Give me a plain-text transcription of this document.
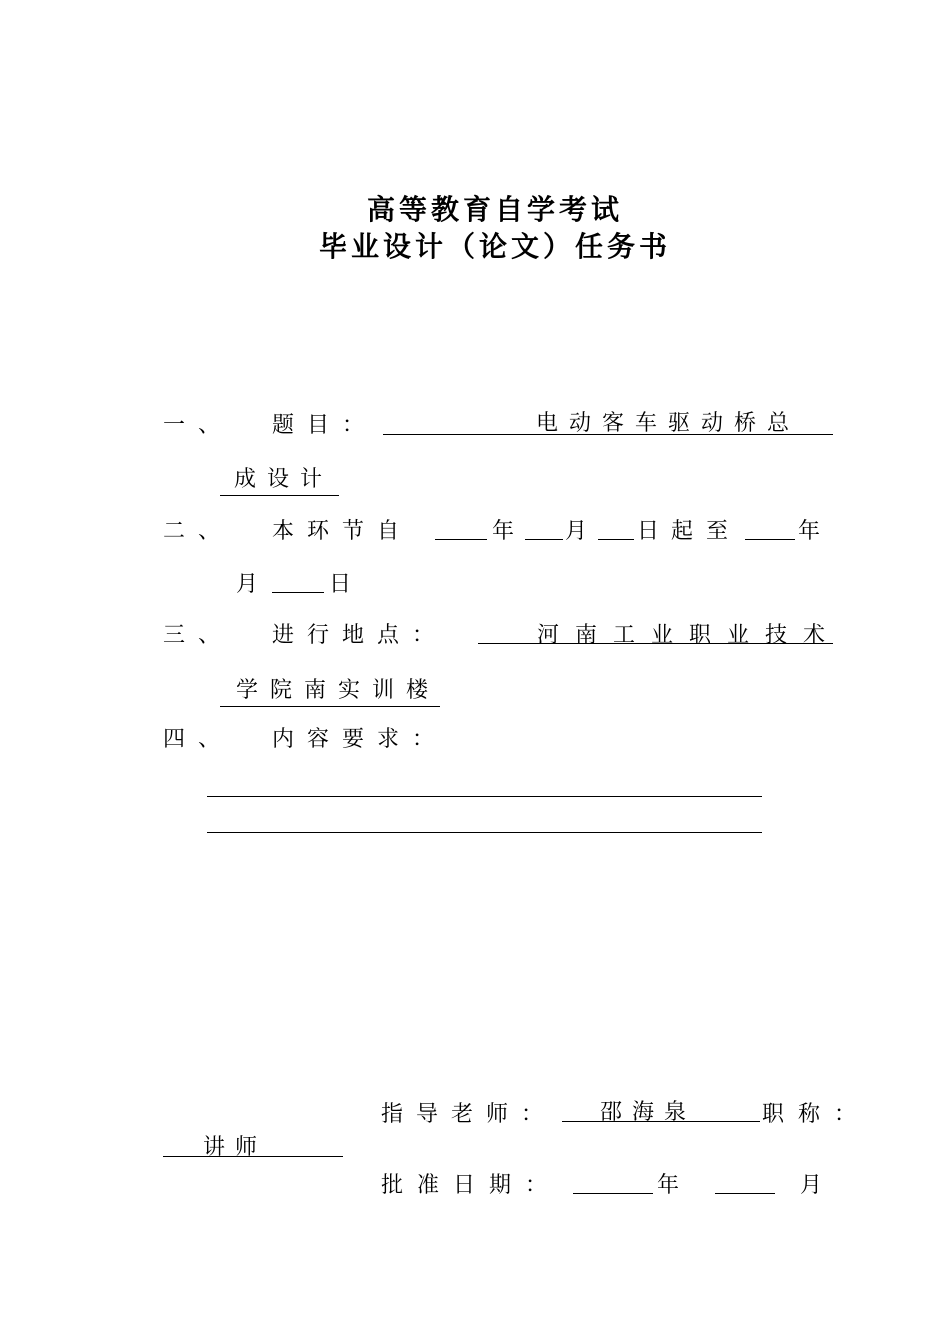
高等教育自学考试
毕业设计（论文）任务书
一、 题目：	电动客车驱动桥总
成设计
二、 本环节自	年 月 日
起至	年
月	日
三、 进行地点：	河南工业职业技术
学院南实训楼
四、 内容要求：
指导老师： 邵海泉	职称：
讲师
批准日期：	年	月
